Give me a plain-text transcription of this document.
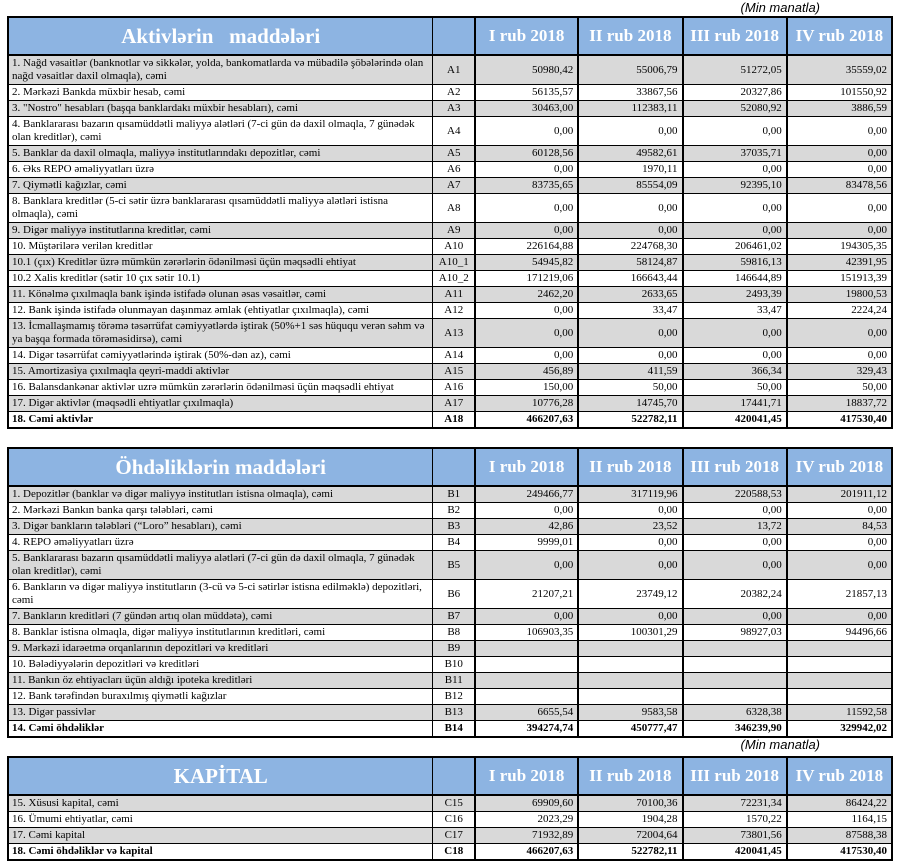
(Min manatla)
Aktivlərin   maddələri		I rub 2018	II rub 2018	III rub 2018	IV rub 2018
1. Nağd vəsaitlər (banknotlar və sikkələr, yolda, bankomatlarda və mübadilə şöbələrində olan nağd vəsaitlər daxil olmaqla), cəmi	A1	50980,42	55006,79	51272,05	35559,02
2. Mərkəzi Bankda müxbir hesab, cəmi	A2	56135,57	33867,56	20327,86	101550,92
3. "Nostro" hesabları (başqa banklardakı müxbir hesabları), cəmi	A3	30463,00	112383,11	52080,92	3886,59
4. Banklararası bazarın qısamüddətli maliyyə alətləri (7-ci gün də daxil olmaqla, 7 günədək olan kreditlər), cəmi	A4	0,00	0,00	0,00	0,00
5. Banklar da daxil olmaqla, maliyyə institutlarındakı depozitlər, cəmi	A5	60128,56	49582,61	37035,71	0,00
6. Əks REPO əməliyyatları üzrə	A6	0,00	1970,11	0,00	0,00
7. Qiymətli kağızlar, cəmi	A7	83735,65	85554,09	92395,10	83478,56
8. Banklara kreditlər (5-ci sətir üzrə banklararası qısamüddətli maliyyə alətləri istisna olmaqla), cəmi	A8	0,00	0,00	0,00	0,00
9. Digər maliyyə institutlarına kreditlər, cəmi	A9	0,00	0,00	0,00	0,00
10. Müştərilərə verilən kreditlər	A10	226164,88	224768,30	206461,02	194305,35
10.1 (çıx) Kreditlər üzrə mümkün zərərlərin ödənilməsi üçün məqsədli ehtiyat	A10_1	54945,82	58124,87	59816,13	42391,95
10.2 Xalis kreditlər (sətir 10 çıx sətir 10.1)	A10_2	171219,06	166643,44	146644,89	151913,39
11. Könəlmə çıxılmaqla bank işində istifadə olunan əsas vəsaitlər, cəmi	A11	2462,20	2633,65	2493,39	19800,53
12. Bank işində istifadə olunmayan daşınmaz əmlak (ehtiyatlar çıxılmaqla), cəmi	A12	0,00	33,47	33,47	2224,24
13. İcmallaşmamış törəmə təsərrüfat cəmiyyətlərdə iştirak (50%+1 səs hüququ verən səhm və ya başqa formada törəməsidirsə), cəmi	A13	0,00	0,00	0,00	0,00
14. Digər təsərrüfat cəmiyyətlərində iştirak (50%-dən az), cəmi	A14	0,00	0,00	0,00	0,00
15. Amortizasiya çıxılmaqla qeyri-maddi aktivlər	A15	456,89	411,59	366,34	329,43
16. Balansdankənar aktivlər uzrə mümkün zərərlərin ödənilməsi üçün məqsədli ehtiyat	A16	150,00	50,00	50,00	50,00
17. Digər aktivlər (məqsədli ehtiyatlar çıxılmaqla)	A17	10776,28	14745,70	17441,71	18837,72
18. Cəmi aktivlər	A18	466207,63	522782,11	420041,45	417530,40
Öhdəliklərin maddələri		I rub 2018	II rub 2018	III rub 2018	IV rub 2018
1. Depozitlər (banklar və digər maliyyə institutları istisna olmaqla), cəmi	B1	249466,77	317119,96	220588,53	201911,12
2. Mərkəzi Bankın banka qarşı tələbləri, cəmi	B2	0,00	0,00	0,00	0,00
3. Digər bankların tələbləri (“Loro” hesabları), cəmi	B3	42,86	23,52	13,72	84,53
4. REPO əməliyyatları üzrə	B4	9999,01	0,00	0,00	0,00
5. Banklararası bazarın qısamüddətli maliyyə alətləri (7-ci gün də daxil olmaqla, 7 günədək olan kreditlər), cəmi	B5	0,00	0,00	0,00	0,00
6. Bankların və digər maliyyə institutların (3-cü və 5-ci sətirlər istisna edilməklə) depozitləri, cəmi	B6	21207,21	23749,12	20382,24	21857,13
7. Bankların kreditləri (7 gündən artıq olan müddətə), cəmi	B7	0,00	0,00	0,00	0,00
8. Banklar istisna olmaqla, digər maliyyə institutlarının kreditləri, cəmi	B8	106903,35	100301,29	98927,03	94496,66
9. Mərkəzi idarəetmə orqanlarının depozitləri və kreditləri	B9				
10. Bələdiyyələrin depozitləri və kreditləri	B10				
11. Bankın öz ehtiyacları üçün aldığı ipoteka kreditləri	B11				
12. Bank tərəfindən buraxılmış qiymətli kağızlar	B12				
13. Digər passivlər	B13	6655,54	9583,58	6328,38	11592,58
14. Cəmi öhdəliklər	B14	394274,74	450777,47	346239,90	329942,02
(Min manatla)
KAPİTAL		I rub 2018	II rub 2018	III rub 2018	IV rub 2018
15. Xüsusi kapital, cəmi	C15	69909,60	70100,36	72231,34	86424,22
16. Ümumi ehtiyatlar, cəmi	C16	2023,29	1904,28	1570,22	1164,15
17. Cəmi kapital	C17	71932,89	72004,64	73801,56	87588,38
18. Cəmi öhdəliklər və kapital	C18	466207,63	522782,11	420041,45	417530,40
